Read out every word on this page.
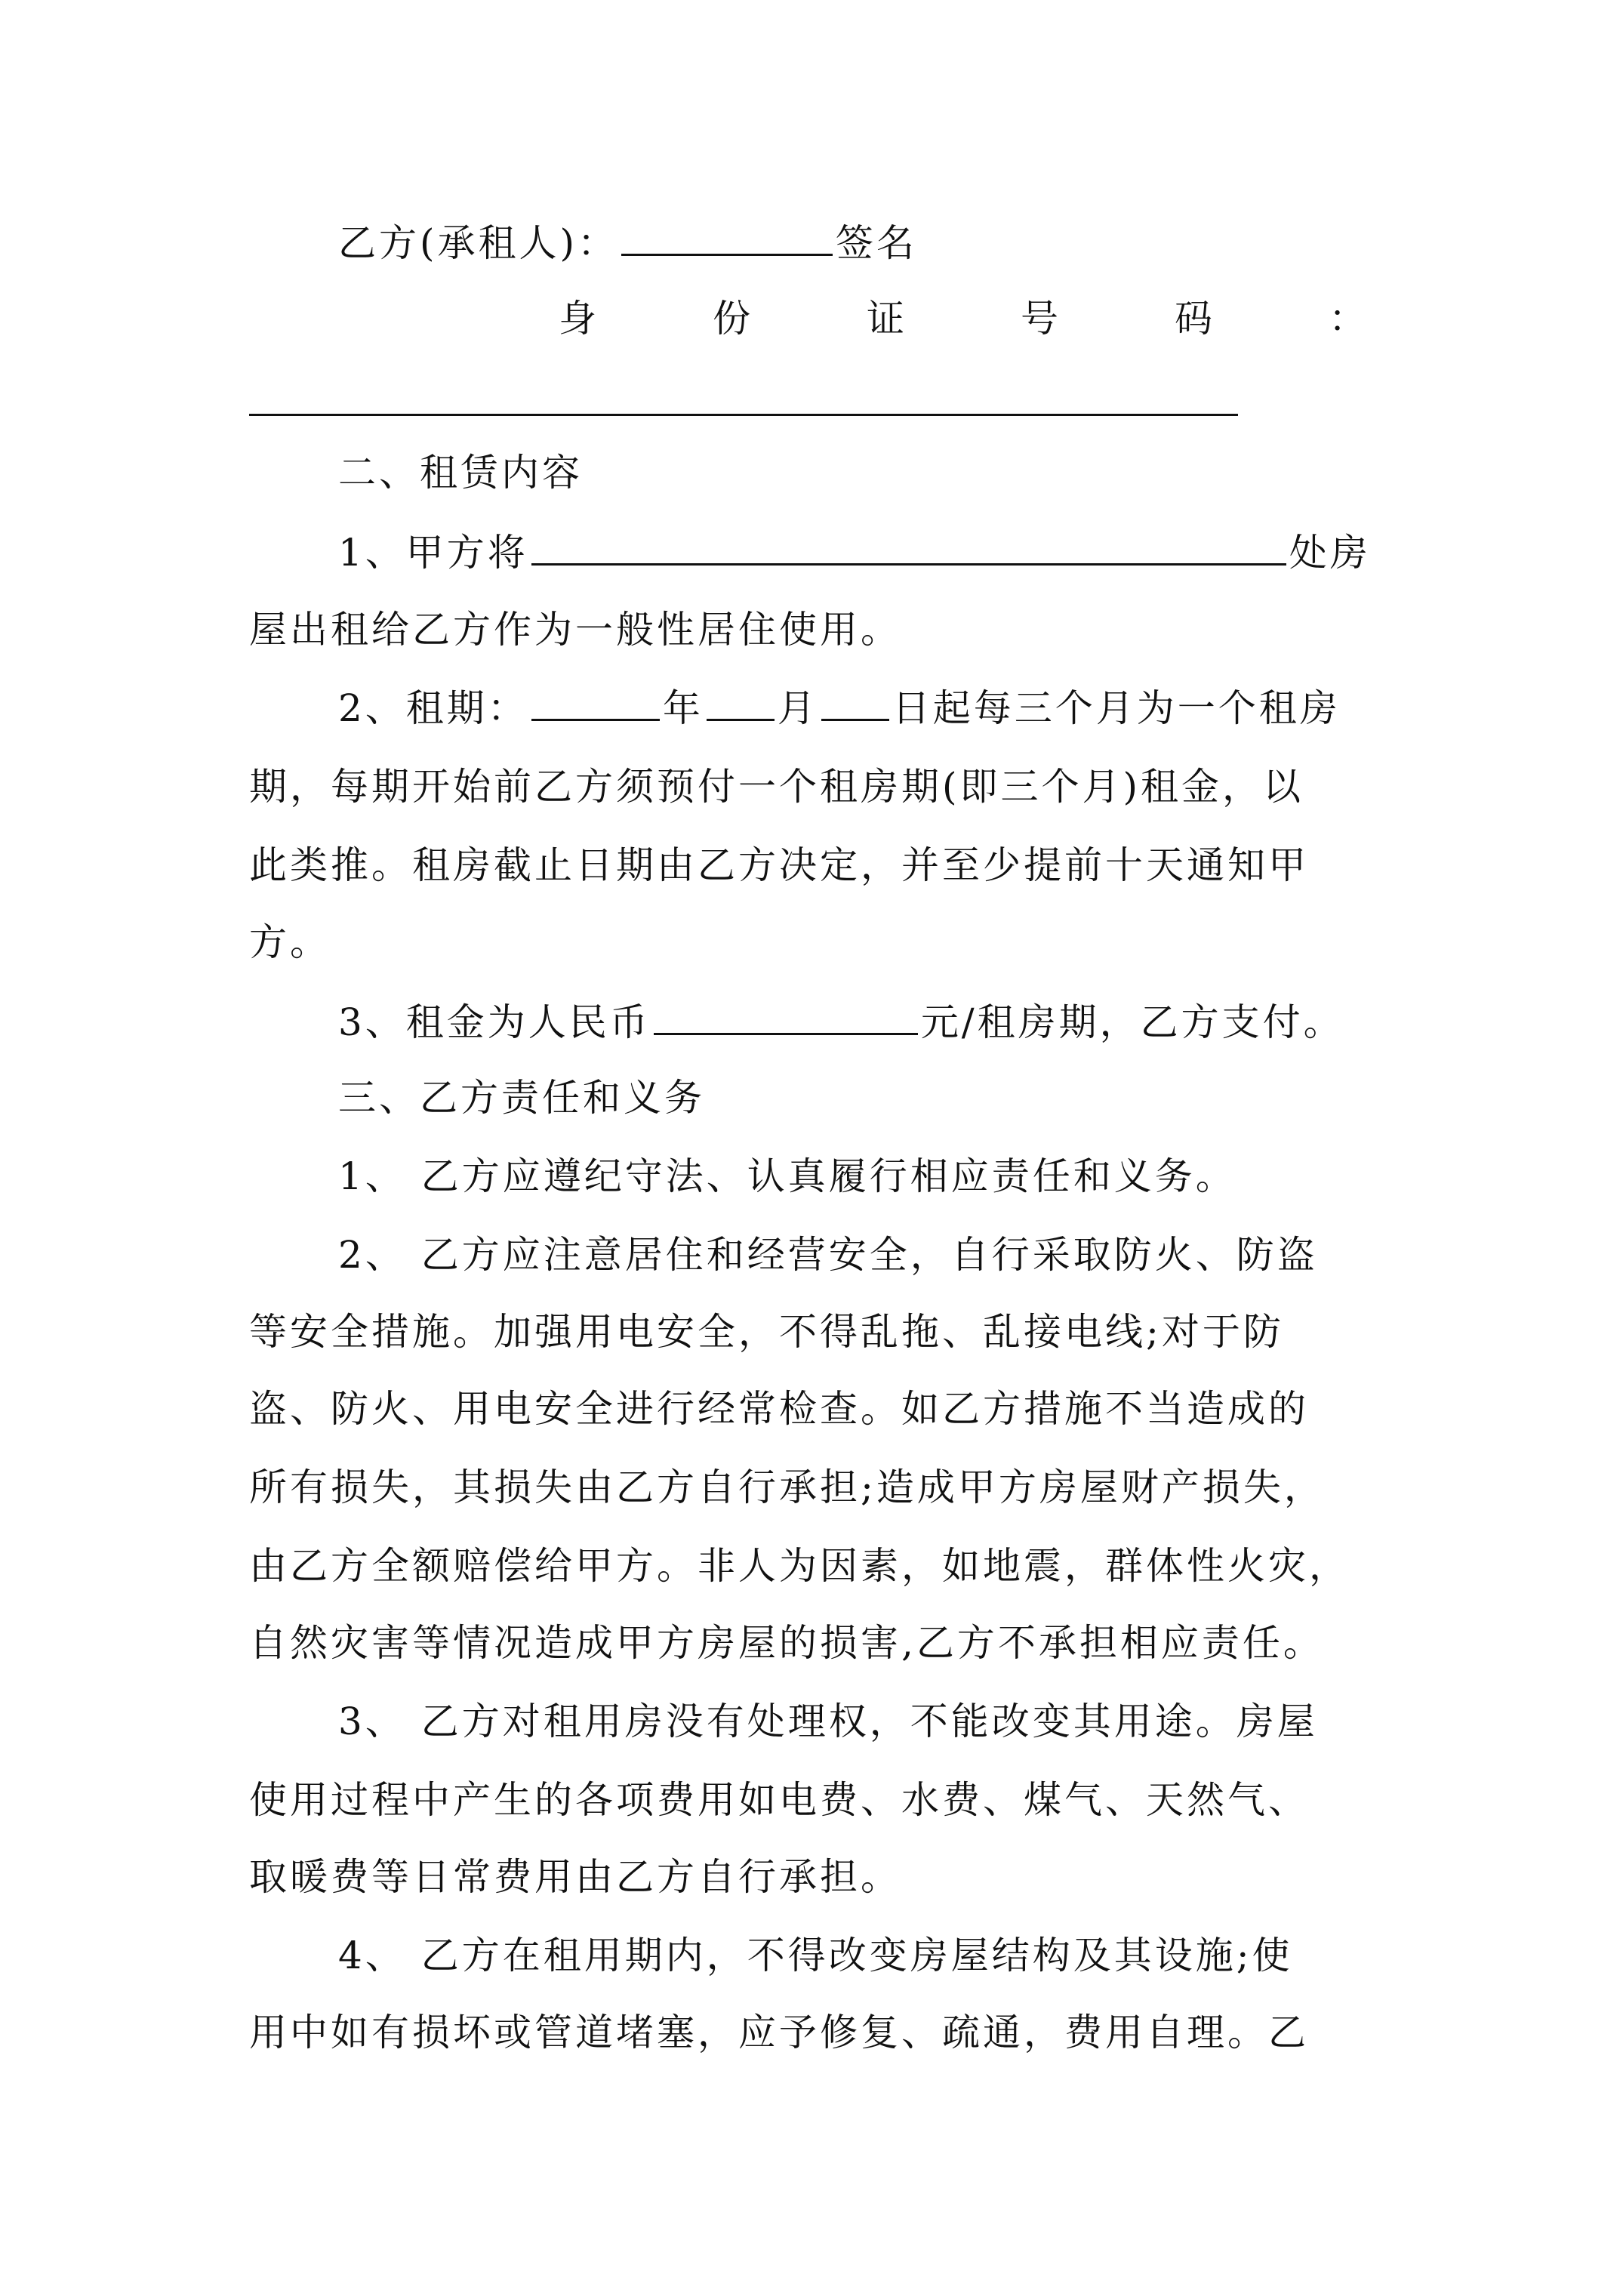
乙方(承租人)：	签名
身	份	证	号	码	：
二、租赁内容
1、甲方将	处房
屋出租给乙方作为一般性居住使用。
2、租期：	年 月 日起每三个月为一个租房
期，每期开始前乙方须预付一个租房期(即三个月)租金，以
此类推。租房截止日期由乙方决定，并至少提前十天通知甲
方。
3、租金为人民币	元/租房期，乙方支付。
三、乙方责任和义务
1、 乙方应遵纪守法、认真履行相应责任和义务。
2、 乙方应注意居住和经营安全，自行采取防火、防盗
等安全措施。加强用电安全，不得乱拖、乱接电线;对于防
盗、防火、用电安全进行经常检查。如乙方措施不当造成的
所有损失，其损失由乙方自行承担;造成甲方房屋财产损失，
由乙方全额赔偿给甲方。非人为因素，如地震，群体性火灾，
自然灾害等情况造成甲方房屋的损害,乙方不承担相应责任。
3、 乙方对租用房没有处理权，不能改变其用途。房屋
使用过程中产生的各项费用如电费、水费、煤气、天然气、
取暖费等日常费用由乙方自行承担。
4、 乙方在租用期内，不得改变房屋结构及其设施;使
用中如有损坏或管道堵塞，应予修复、疏通，费用自理。乙
